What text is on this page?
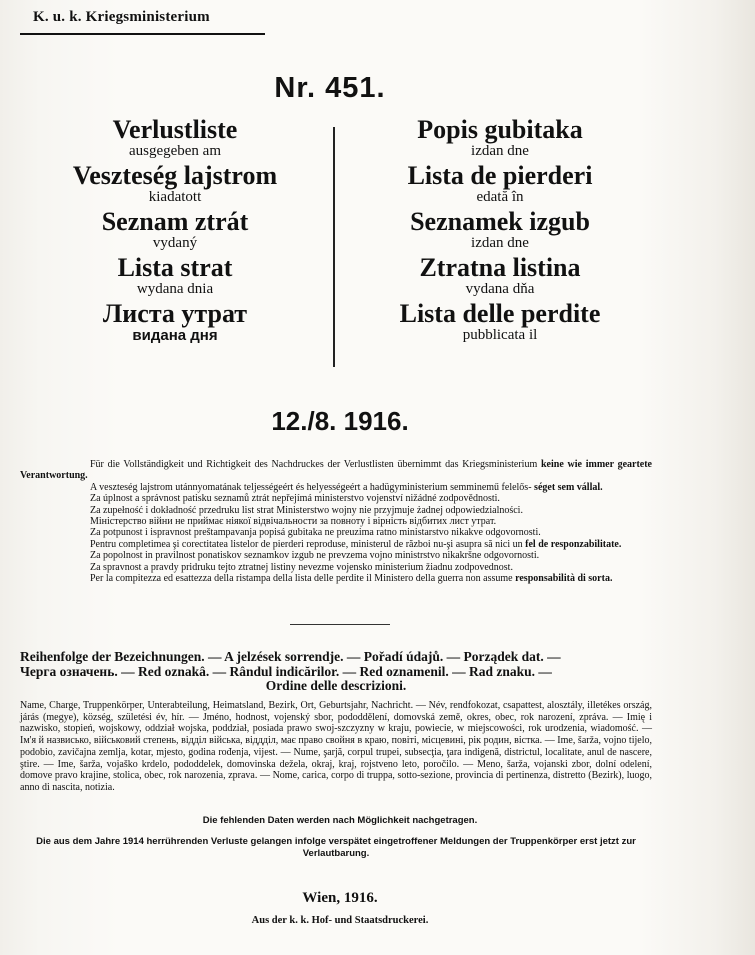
K. u. k. Kriegsministerium
Nr. 451.
Verlustliste
ausgegeben am
Veszteség lajstrom
kiadatott
Seznam ztrát
vydaný
Lista strat
wydana dnia
Листа утрат
видана дня
Popis gubitaka
izdan dne
Lista de pierderi
edată în
Seznamek izgub
izdan dne
Ztratna listina
vydana dňa
Lista delle perdite
pubblicata il
12./8. 1916.

Für die Vollständigkeit und Richtigkeit des Nachdruckes der Verlustlisten übernimmt das Kriegsministerium keine wie immer geartete Verantwortung.

A veszteség lajstrom utánnyomatának teljességeért és helyességeért a hadügyministerium semminemű felelős- séget sem vállal.

Za úplnost a správnost patisku seznamů ztrát nepřejímá ministerstvo vojenství nižádné zodpovědnosti.

Za zupełność i dokładność przedruku list strat Ministerstwo wojny nie przyjmuje żadnej odpowiedzialności.

Міністерство війни не приймає ніякої відвічальности за повноту і вірність відбитих лист утрат.

Za potpunost i ispravnost preštampavanja popisá gubitaka ne preuzima ratno ministarstvo nikakve odgovornosti.

Pentru completimea şi corectitatea listelor de pierderi reproduse, ministerul de război nu-şi asupra să nici un fel de responzabilitate.

Za popolnost in pravilnost ponatiskov seznamkov izgub ne prevzema vojno ministrstvo nikakršne odgovornosti.

Za spravnost a pravdy pridruku tejto ztratnej listiny nevezme vojensko ministerium žiadnu zodpovednost.

Per la compitezza ed esattezza della ristampa della lista delle perdite il Ministero della guerra non assume responsabilità di sorta.

Reihenfolge der Bezeichnungen. — A jelzések sorrendje. — Pořadí údajů. — Porządek dat. —
Черга означень. — Red oznakâ. — Rândul indicărilor. — Red oznamenil. — Rad znaku. —

Ordine delle descrizioni.
Name, Charge, Truppenkörper, Unterabteilung, Heimatsland, Bezirk, Ort, Geburtsjahr, Nachricht. — Név, rendfokozat, csapattest, alosztály, illetékes ország, járás (megye), község, születési év, hír. — Jméno, hodnost, vojenský sbor, pododdělení, domovská země, okres, obec, rok narození, zpráva. — Imię i nazwisko, stopień, wojskowy, oddział wojska, poddział, posiada prawo swoj-szczyzny w kraju, powiecie, w miejscowości, rok urodzenia, wiadomość. — Ім'я й назвисько, військовий степень, відділ війська, віддділ, має право свойня в краю, повіті, місцевині, рік родин, вістка. — Ime, šarža, vojno tijelo, podobio, zavičajna zemlja, kotar, mjesto, godina rođenja, vijest. — Nume, şarjă, corpul trupei, subsecţia, ţara indigenă, districtul, localitate, anul de nascere, ştire. — Ime, šarža, vojaško krdelo, pododdelek, domovinska dežela, okraj, kraj, rojstveno leto, poročilo. — Meno, šarža, vojanski zbor, dolní odelení, domove pravo krajine, stolica, obec, rok narozenia, zprava. — Nome, carica, corpo di truppa, sotto-sezione, provincia di pertinenza, distretto (Bezirk), luogo, anno di nascita, notizia.
Die fehlenden Daten werden nach Möglichkeit nachgetragen.
Die aus dem Jahre 1914 herrührenden Verluste gelangen infolge verspätet eingetroffener Meldungen der Truppenkörper erst jetzt zur Verlautbarung.
Wien, 1916.
Aus der k. k. Hof- und Staatsdruckerei.
